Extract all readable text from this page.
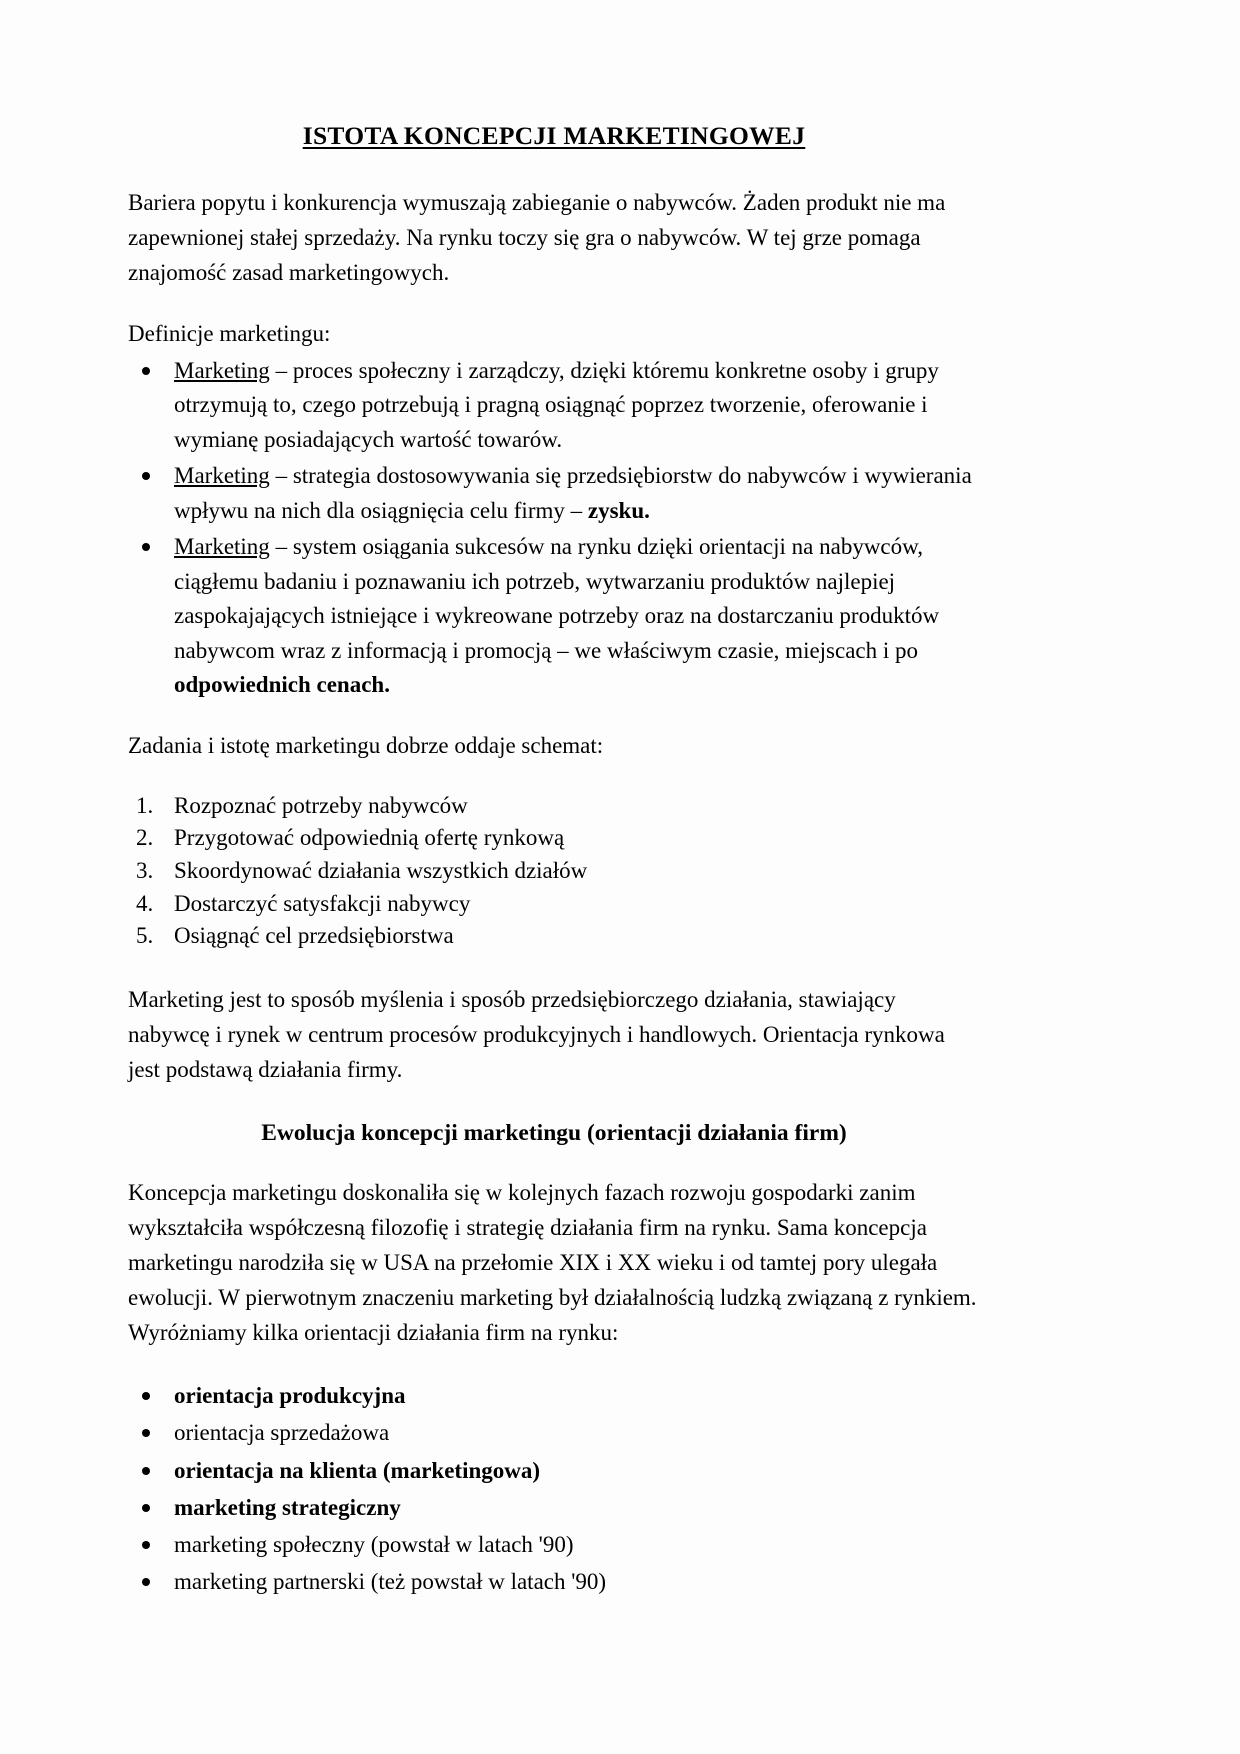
ISTOTA KONCEPCJI MARKETINGOWEJ

Bariera popytu i konkurencja wymuszają zabieganie o nabywców. Żaden produkt nie ma zapewnionej stałej sprzedaży. Na rynku toczy się gra o nabywców. W tej grze pomaga znajomość zasad marketingowych.

Definicje marketingu:

Marketing – proces społeczny i zarządczy, dzięki któremu konkretne osoby i grupy otrzymują to, czego potrzebują i pragną osiągnąć poprzez tworzenie, oferowanie i wymianę posiadających wartość towarów.
Marketing – strategia dostosowywania się przedsiębiorstw do nabywców i wywierania wpływu na nich dla osiągnięcia celu firmy – zysku.
Marketing – system osiągania sukcesów na rynku dzięki orientacji na nabywców, ciągłemu badaniu i poznawaniu ich potrzeb, wytwarzaniu produktów najlepiej zaspokajających istniejące i wykreowane potrzeby oraz na dostarczaniu produktów nabywcom wraz z informacją i promocją – we właściwym czasie, miejscach i po odpowiednich cenach.

Zadania i istotę marketingu dobrze oddaje schemat:

Rozpoznać potrzeby nabywców
Przygotować odpowiednią ofertę rynkową
Skoordynować działania wszystkich działów
Dostarczyć satysfakcji nabywcy
Osiągnąć cel przedsiębiorstwa

Marketing jest to sposób myślenia i sposób przedsiębiorczego działania, stawiający nabywcę i rynek w centrum procesów produkcyjnych i handlowych. Orientacja rynkowa jest podstawą działania firmy.

Ewolucja koncepcji marketingu (orientacji działania firm)

Koncepcja marketingu doskonaliła się w kolejnych fazach rozwoju gospodarki zanim wykształciła współczesną filozofię i strategię działania firm na rynku. Sama koncepcja marketingu narodziła się w USA na przełomie XIX i XX wieku i od tamtej pory ulegała ewolucji. W pierwotnym znaczeniu marketing był działalnością ludzką związaną z rynkiem. Wyróżniamy kilka orientacji działania firm na rynku:

orientacja produkcyjna
orientacja sprzedażowa
orientacja na klienta (marketingowa)
marketing strategiczny
marketing społeczny (powstał w latach '90)
marketing partnerski (też powstał w latach '90)
